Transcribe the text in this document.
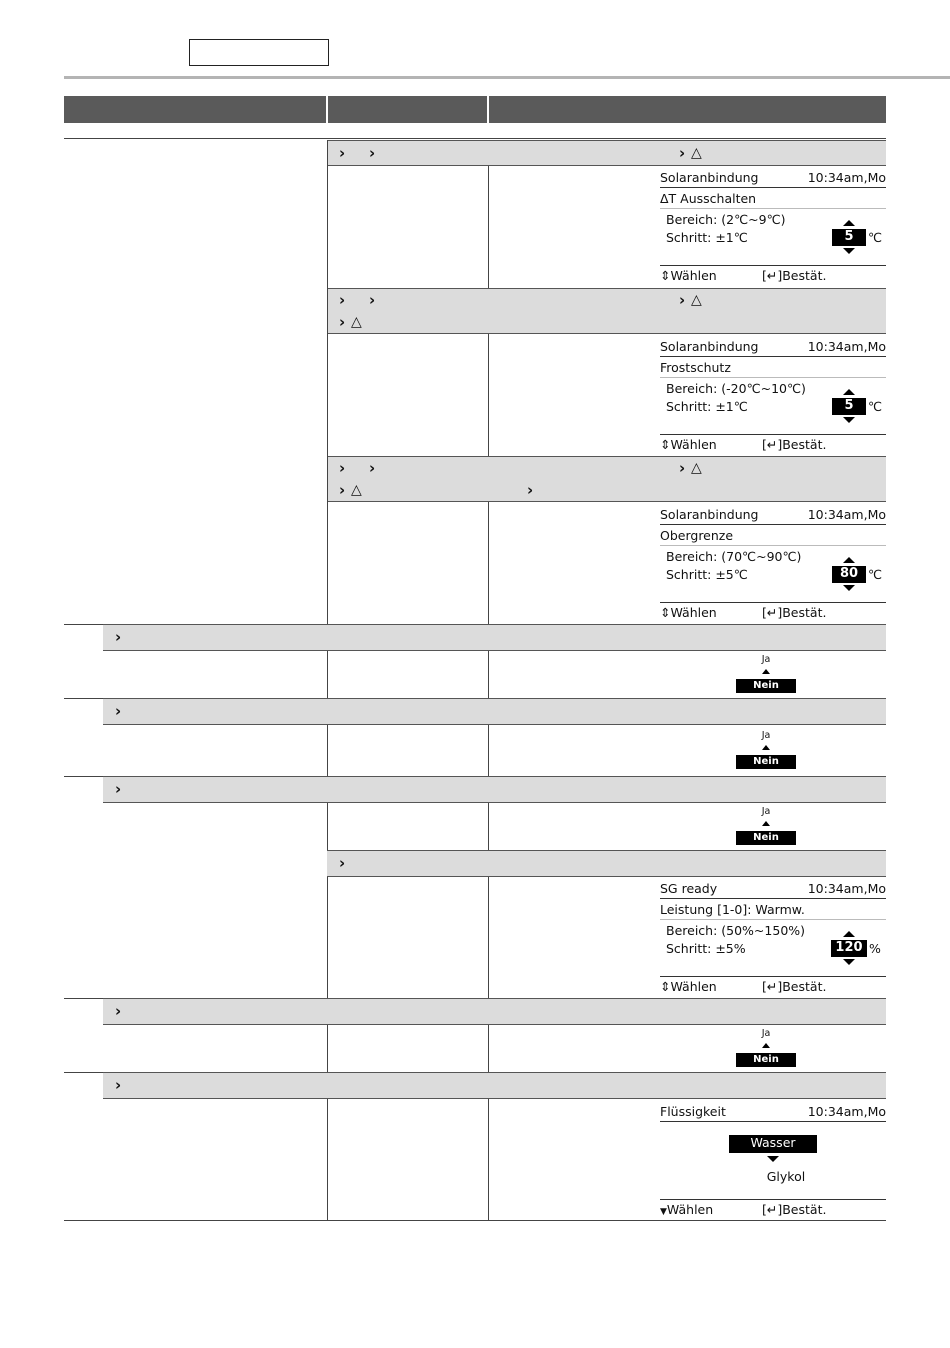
› ›	› △
Solaranbindung	10:34am,Mo
ΔT Ausschalten
Bereich: (2℃~9℃)
Schritt: ±1℃	5	℃
⇕Wählen	[↵]Bestät.
› ›	› △
› △
Solaranbindung	10:34am,Mo
Frostschutz
Bereich: (-20℃~10℃)
Schritt: ±1℃	5	℃
⇕Wählen	[↵]Bestät.
› ›	› △
› △	›
Solaranbindung	10:34am,Mo
Obergrenze
Bereich: (70℃~90℃)
Schritt: ±5℃	80 ℃
⇕Wählen	[↵]Bestät.
›
Ja
Nein
›
Ja
Nein
›
Ja
Nein
›
SG ready	10:34am,Mo
Leistung [1-0]: Warmw.
Bereich: (50%~150%)
Schritt: ±5%	120 %
⇕Wählen	[↵]Bestät.
›
Ja
Nein
›
Flüssigkeit	10:34am,Mo
Wasser
Glykol
▼Wählen	[↵]Bestät.
